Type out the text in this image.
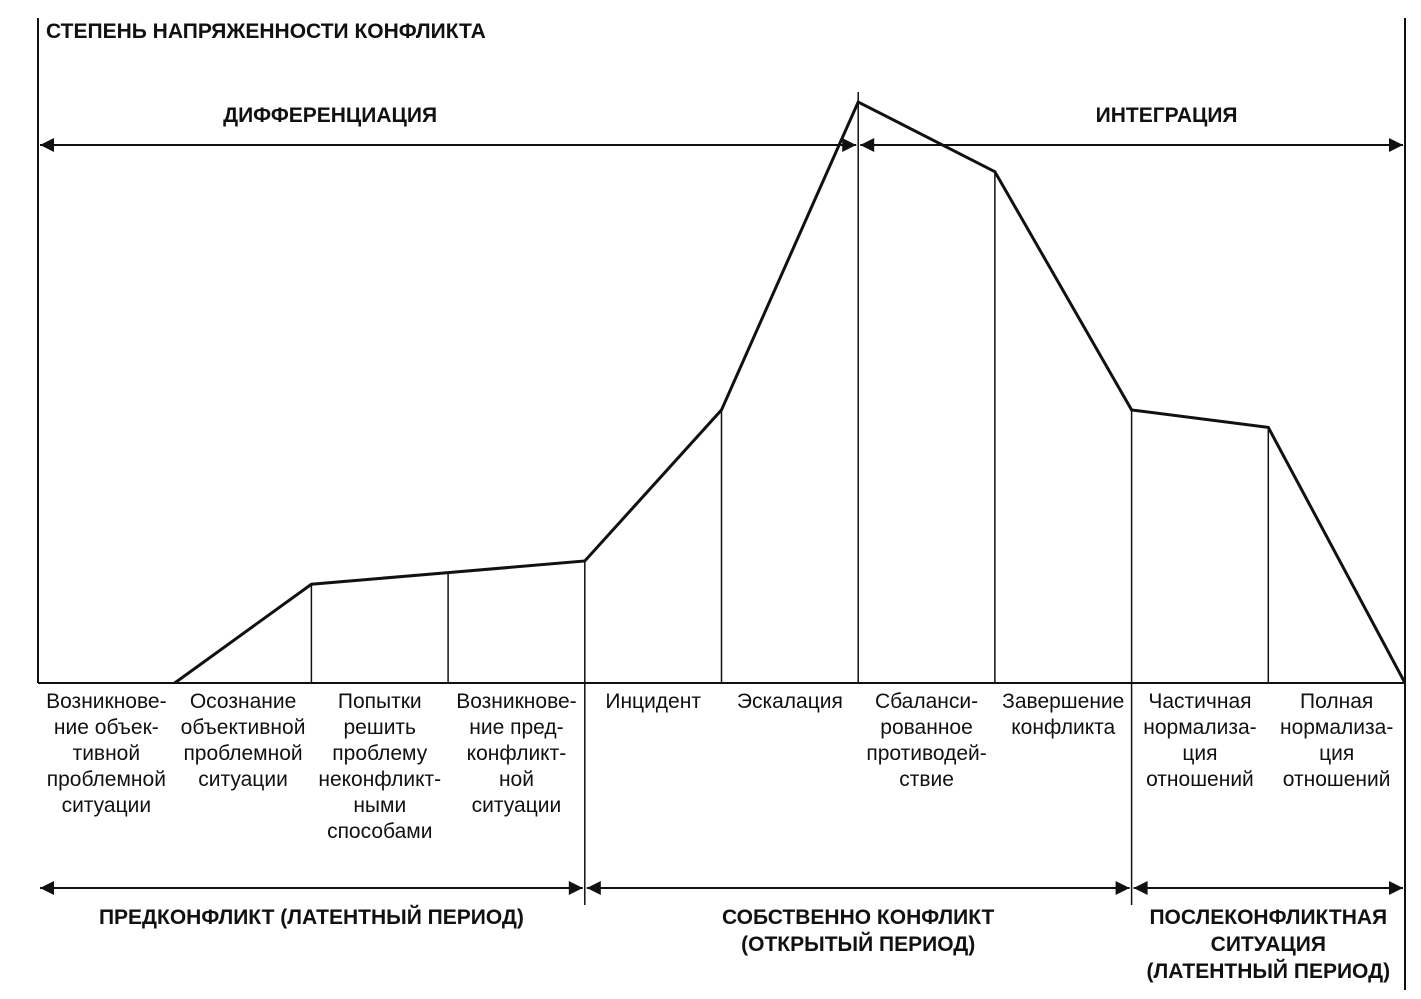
СТЕПЕНЬ НАПРЯЖЕННОСТИ КОНФЛИКТА
ДИФФЕРЕНЦИАЦИЯ	ИНТЕГРАЦИЯ
Возникнове-ние объек-тивной проблемной ситуации
Осознание объективной проблемной ситуации
Попытки решить проблему неконфликт-ными способами
Возникнове-ние пред-конфликт-ной ситуации
Инцидент Эскалация	Сбаланси-рованное противодей-ствие
Завершение конфликта
Частичная нормализа-ция отношений
Полная нормализа-ция отношений
ПРЕДКОНФЛИКТ (ЛАТЕНТНЫЙ ПЕРИОД)	СОБСТВЕННО КОНФЛИКТ (ОТКРЫТЫЙ ПЕРИОД)
ПОСЛЕКОНФЛИКТНАЯ СИТУАЦИЯ (ЛАТЕНТНЫЙ ПЕРИОД)
